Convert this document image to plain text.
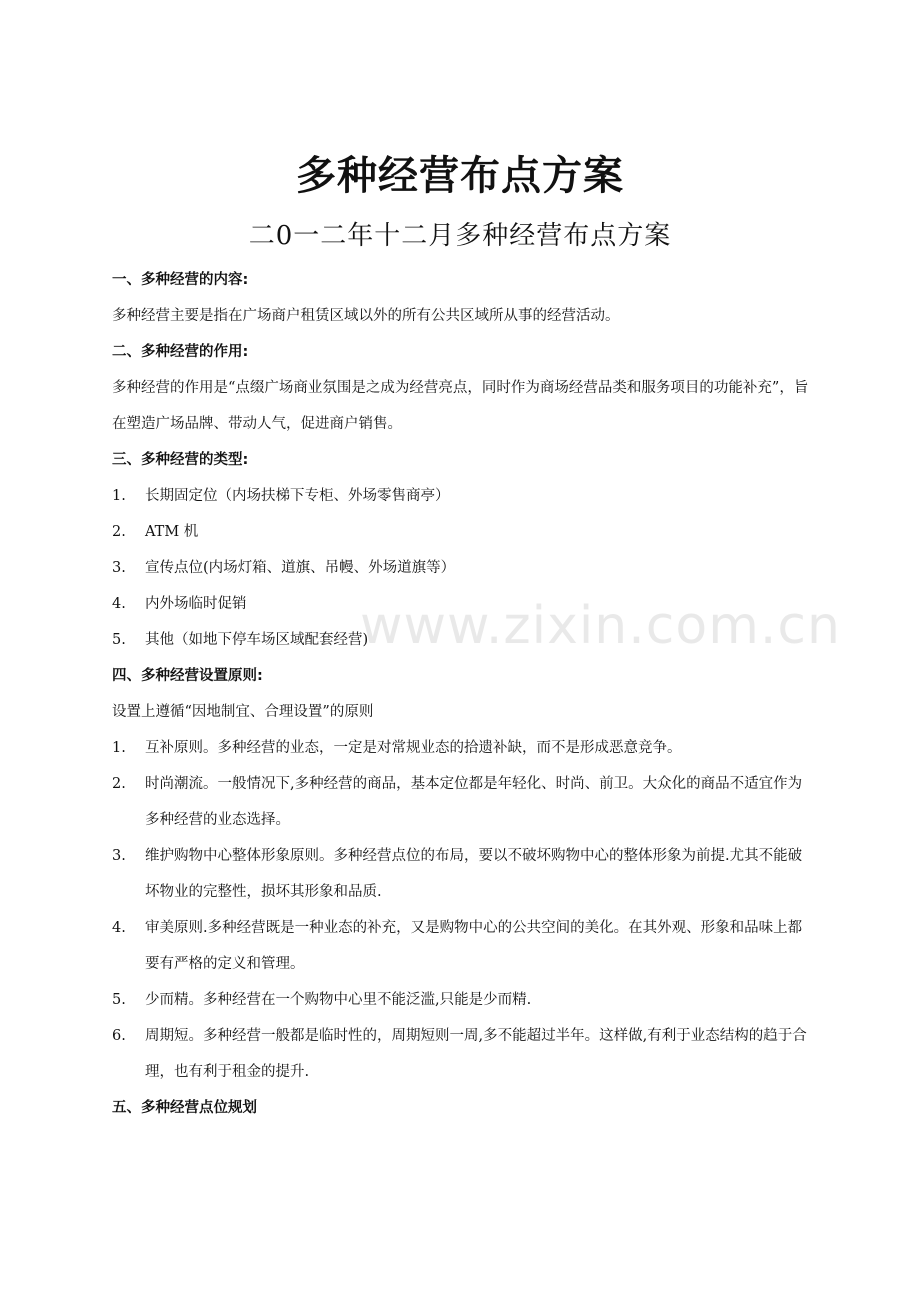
多种经营布点方案
二0一二年十二月多种经营布点方案
一、多种经营的内容:
多种经营主要是指在广场商户租赁区域以外的所有公共区域所从事的经营活动。
二、多种经营的作用:
多种经营的作用是“点缀广场商业氛围是之成为经营亮点，同时作为商场经营品类和服务项目的功能补充”，旨在塑造广场品牌、带动人气，促进商户销售。
三、多种经营的类型:
1.	长期固定位（内场扶梯下专柜、外场零售商亭）
2.	ATM 机
3.	宣传点位(内场灯箱、道旗、吊幔、外场道旗等）
4.	内外场临时促销
5.	其他（如地下停车场区域配套经营)
四、多种经营设置原则:
设置上遵循“因地制宜、合理设置”的原则
1.	互补原则。多种经营的业态，一定是对常规业态的拾遗补缺，而不是形成恶意竞争。
2.	时尚潮流。一般情况下,多种经营的商品，基本定位都是年轻化、时尚、前卫。大众化的商品不适宜作为多种经营的业态选择。
3.	维护购物中心整体形象原则。多种经营点位的布局，要以不破坏购物中心的整体形象为前提.尤其不能破坏物业的完整性，损坏其形象和品质.
4.	审美原则.多种经营既是一种业态的补充，又是购物中心的公共空间的美化。在其外观、形象和品味上都要有严格的定义和管理。
5.	少而精。多种经营在一个购物中心里不能泛滥,只能是少而精.
6.	周期短。多种经营一般都是临时性的，周期短则一周,多不能超过半年。这样做,有利于业态结构的趋于合理，也有利于租金的提升.
五、多种经营点位规划
www.zixin.com.cn
